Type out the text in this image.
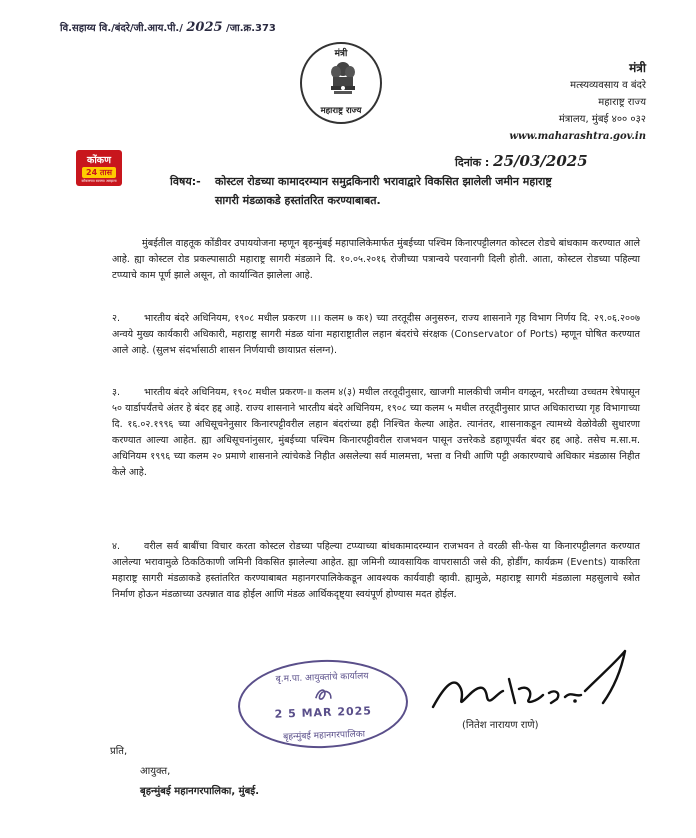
वि.सहाय्य वि./बंदरे/जी.आय.पी./ 2025 /जा.क्र.373
मंत्री
महाराष्ट्र राज्य
मंत्री
मत्स्यव्यवसाय व बंदरे
महाराष्ट्र राज्य
मंत्रालय, मुंबई ४०० ०३२
www.maharashtra.gov.in
कोंकण
24 तास
कोंकणच्या बातम्या आम्हाला
दिनांक : 25/03/2025
विषय:- कोस्टल रोडच्या कामादरम्यान समुद्रकिनारी भरावाद्वारे विकसित झालेली जमीन महाराष्ट्र सागरी मंडळाकडे हस्तांतरित करण्याबाबत.
मुंबईतील वाहतूक कोंडीवर उपाययोजना म्हणून बृहन्मुंबई महापालिकेमार्फत मुंबईच्या पश्चिम किनारपट्टीलगत कोस्टल रोडचे बांधकाम करण्यात आले आहे. ह्या कोस्टल रोड प्रकल्पासाठी महाराष्ट्र सागरी मंडळाने दि. १०.०५.२०१६ रोजीच्या पत्रान्वये परवानगी दिली होती. आता, कोस्टल रोडच्या पहिल्या टप्प्याचे काम पूर्ण झाले असून, तो कार्यान्वित झालेला आहे.
२. भारतीय बंदरे अधिनियम, १९०८ मधील प्रकरण ।।। कलम ७ क१) च्या तरतूदीस अनुसरुन, राज्य शासनाने गृह विभाग निर्णय दि. २९.०६.२००७ अन्वये मुख्य कार्यकारी अधिकारी, महाराष्ट्र सागरी मंडळ यांना महाराष्ट्रातील लहान बंदरांचे संरक्षक (Conservator of Ports) म्हणून घोषित करण्यात आले आहे. (सुलभ संदर्भासाठी शासन निर्णयाची छायाप्रत संलग्न).
३. भारतीय बंदरे अधिनियम, १९०८ मधील प्रकरण-॥ कलम ४(३) मधील तरतूदीनुसार, खाजगी मालकीची जमीन वगळून, भरतीच्या उच्चतम रेषेपासून ५० यार्डापर्यंतचे अंतर हे बंदर हद्द आहे. राज्य शासनाने भारतीय बंदरे अधिनियम, १९०८ च्या कलम ५ मधील तरतूदीनुसार प्राप्त अधिकाराच्या गृह विभागाच्या दि. १६.०२.१९९६ च्या अधिसूचनेनुसार किनारपट्टीवरील लहान बंदरांच्या हद्दी निश्चित केल्या आहेत. त्यानंतर, शासनाकडून त्यामध्ये वेळोवेळी सुधारणा करण्यात आल्या आहेत. ह्या अधिसूचनांनुसार, मुंबईच्या पश्चिम किनारपट्टीवरील राजभवन पासून उत्तरेकडे डहाणूपर्यंत बंदर हद्द आहे. तसेच म.सा.म. अधिनियम १९९६ च्या कलम २० प्रमाणे शासनाने त्यांचेकडे निहीत असलेल्या सर्व मालमत्ता, भत्ता व निधी आणि पट्टी अकारण्याचे अधिकार मंडळास निहीत केले आहे.
४. वरील सर्व बाबींचा विचार करता कोस्टल रोडच्या पहिल्या टप्प्याच्या बांधकामादरम्यान राजभवन ते वरळी सी-फेस या किनारपट्टीलगत करण्यात आलेल्या भरावामुळे ठिकठिकाणी जमिनी विकसित झालेल्या आहेत. ह्या जमिनी व्यावसायिक वापरासाठी जसे की, होर्डींग, कार्यक्रम (Events) याकरिता महाराष्ट्र सागरी मंडळाकडे हस्तांतरित करण्याबाबत महानगरपालिकेकडून आवश्यक कार्यवाही व्हावी. ह्यामुळे, महाराष्ट्र सागरी मंडळाला महसुलाचे स्त्रोत निर्माण होऊन मंडळाच्या उत्पन्नात वाढ होईल आणि मंडळ आर्थिकदृष्ट्या स्वयंपूर्ण होण्यास मदत होईल.
बृ.म.पा. आयुक्तांचे कार्यालय
2 5 MAR 2025
बृहन्मुंबई महानगरपालिका
(नितेश नारायण राणे)
प्रति,
आयुक्त,
बृहन्मुंबई महानगरपालिका, मुंबई.
